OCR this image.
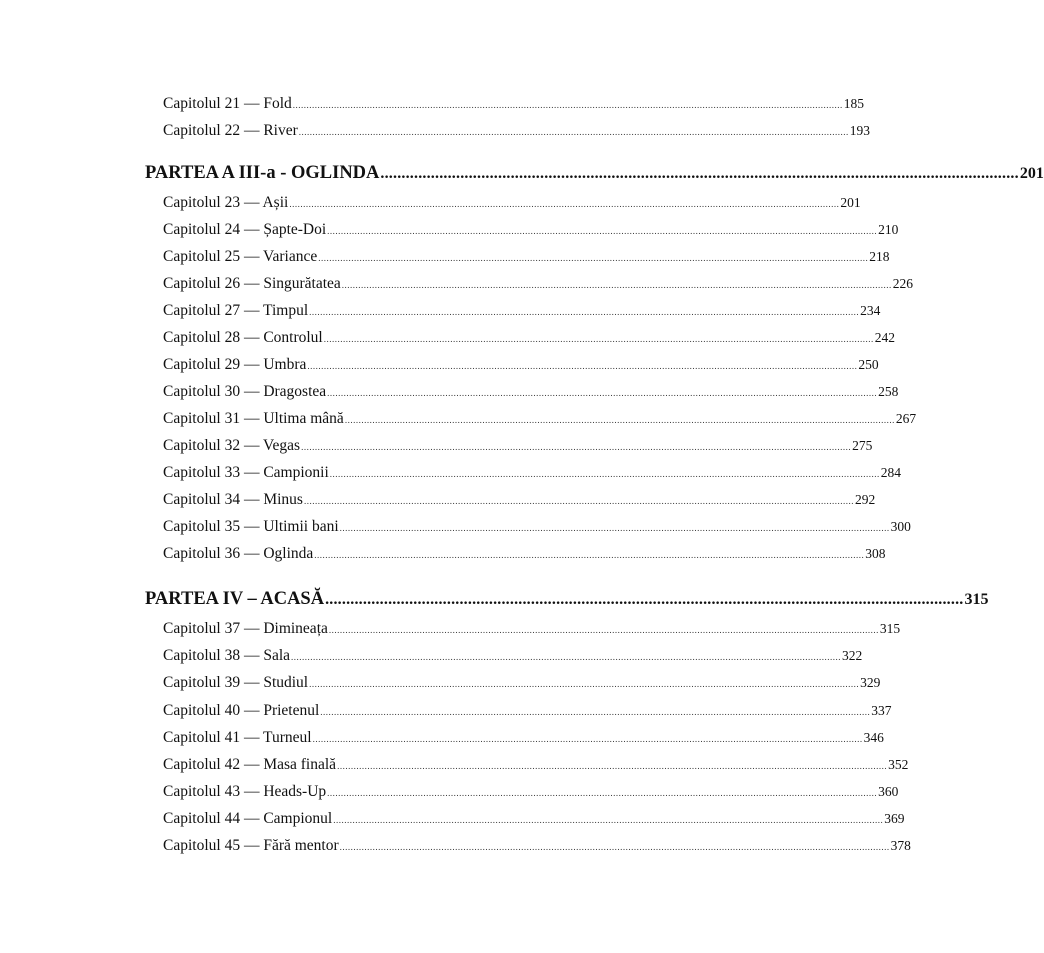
Capitolul 21 — Fold ........................................................................................................................................................................................................ 185
Capitolul 22 — River ........................................................................................................................................................................................................ 193
PARTEA A III-a - OGLINDA ........................................................................................................................................................ 201
Capitolul 23 — Așii ........................................................................................................................................................................................................ 201
Capitolul 24 — Șapte-Doi ........................................................................................................................................................................................................ 210
Capitolul 25 — Variance ........................................................................................................................................................................................................ 218
Capitolul 26 — Singurătatea ........................................................................................................................................................................................................ 226
Capitolul 27 — Timpul ........................................................................................................................................................................................................ 234
Capitolul 28 — Controlul ........................................................................................................................................................................................................ 242
Capitolul 29 — Umbra ........................................................................................................................................................................................................ 250
Capitolul 30 — Dragostea ........................................................................................................................................................................................................ 258
Capitolul 31 — Ultima mână ........................................................................................................................................................................................................ 267
Capitolul 32 — Vegas ........................................................................................................................................................................................................ 275
Capitolul 33 — Campionii ........................................................................................................................................................................................................ 284
Capitolul 34 — Minus ........................................................................................................................................................................................................ 292
Capitolul 35 — Ultimii bani ........................................................................................................................................................................................................ 300
Capitolul 36 — Oglinda ........................................................................................................................................................................................................ 308
PARTEA IV – ACASĂ ........................................................................................................................................................ 315
Capitolul 37 — Dimineața ........................................................................................................................................................................................................ 315
Capitolul 38 — Sala ........................................................................................................................................................................................................ 322
Capitolul 39 — Studiul ........................................................................................................................................................................................................ 329
Capitolul 40 — Prietenul ........................................................................................................................................................................................................ 337
Capitolul 41 — Turneul ........................................................................................................................................................................................................ 346
Capitolul 42 — Masa finală ........................................................................................................................................................................................................ 352
Capitolul 43 — Heads-Up ........................................................................................................................................................................................................ 360
Capitolul 44 — Campionul ........................................................................................................................................................................................................ 369
Capitolul 45 — Fără mentor ........................................................................................................................................................................................................ 378
